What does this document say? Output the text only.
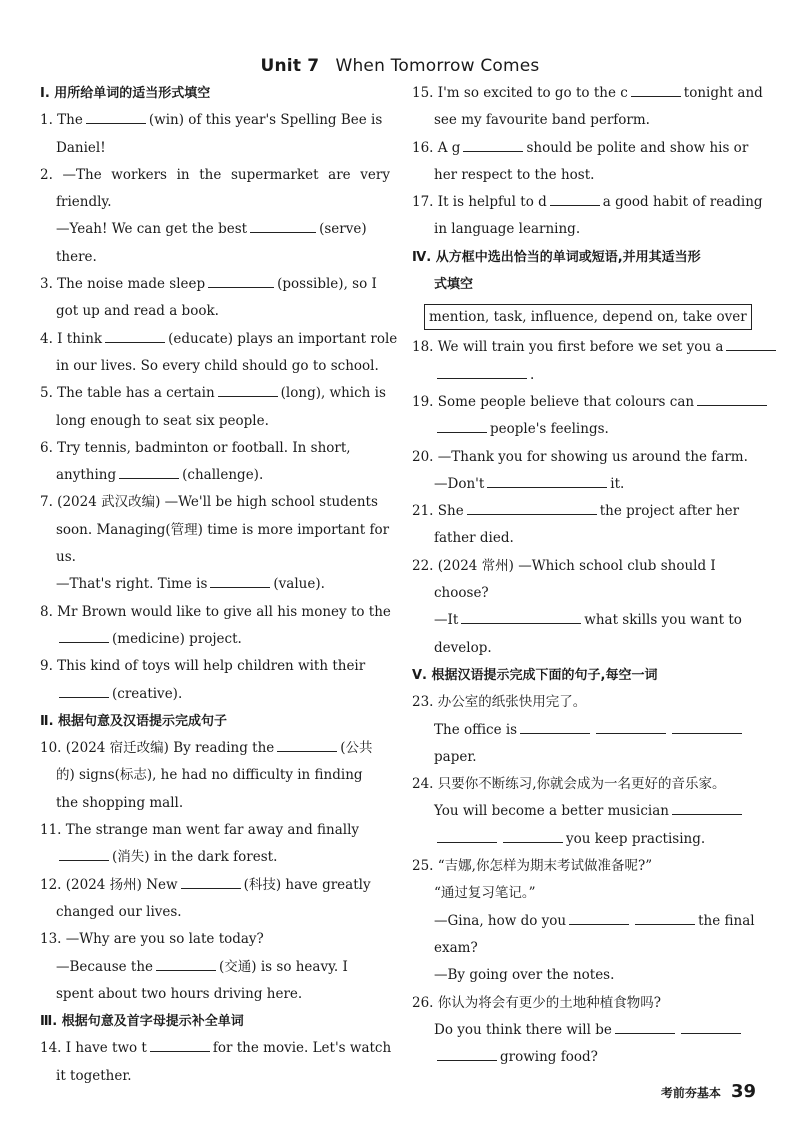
Unit 7 When Tomorrow Comes
Ⅰ. 用所给单词的适当形式填空
1. The	(win) of this year's Spelling Bee is
Daniel!
2. —The workers in the supermarket are very
friendly.
—Yeah! We can get the best	(serve)
there.
3. The noise made sleep	(possible), so I
got up and read a book.
4. I think	(educate) plays an important role
in our lives. So every child should go to school.
5. The table has a certain	(long), which is
long enough to seat six people.
6. Try tennis, badminton or football. In short,
anything	(challenge).
7. (2024 武汉改编) —We'll be high school students
soon. Managing(管理) time is more important for
us.
—That's right. Time is	(value).
8. Mr Brown would like to give all his money to the
(medicine) project.
9. This kind of toys will help children with their
(creative).
Ⅱ. 根据句意及汉语提示完成句子
10. (2024 宿迁改编) By reading the	(公共
的) signs(标志), he had no difficulty in finding
the shopping mall.
11. The strange man went far away and finally
(消失) in the dark forest.
12. (2024 扬州) New	(科技) have greatly
changed our lives.
13. —Why are you so late today?
—Because the	(交通) is so heavy. I
spent about two hours driving here.
Ⅲ. 根据句意及首字母提示补全单词
14. I have two t	for the movie. Let's watch
it together.
15. I'm so excited to go to the c	tonight and
see my favourite band perform.
16. A g	should be polite and show his or
her respect to the host.
17. It is helpful to d	a good habit of reading
in language learning.
Ⅳ. 从方框中选出恰当的单词或短语,并用其适当形
式填空
mention, task, influence, depend on, take over
18. We will train you first before we set you a
.
19. Some people believe that colours can
people's feelings.
20. —Thank you for showing us around the farm.
—Don't	it.
21. She	the project after her
father died.
22. (2024 常州) —Which school club should I
choose?
—It	what skills you want to
develop.
Ⅴ. 根据汉语提示完成下面的句子,每空一词
23. 办公室的纸张快用完了。
The office is
paper.
24. 只要你不断练习,你就会成为一名更好的音乐家。
You will become a better musician
you keep practising.
25. “吉娜,你怎样为期末考试做准备呢?”
“通过复习笔记。”
—Gina, how do you	the final
exam?
—By going over the notes.
26. 你认为将会有更少的土地种植食物吗?
Do you think there will be
growing food?
考前夯基本 39
